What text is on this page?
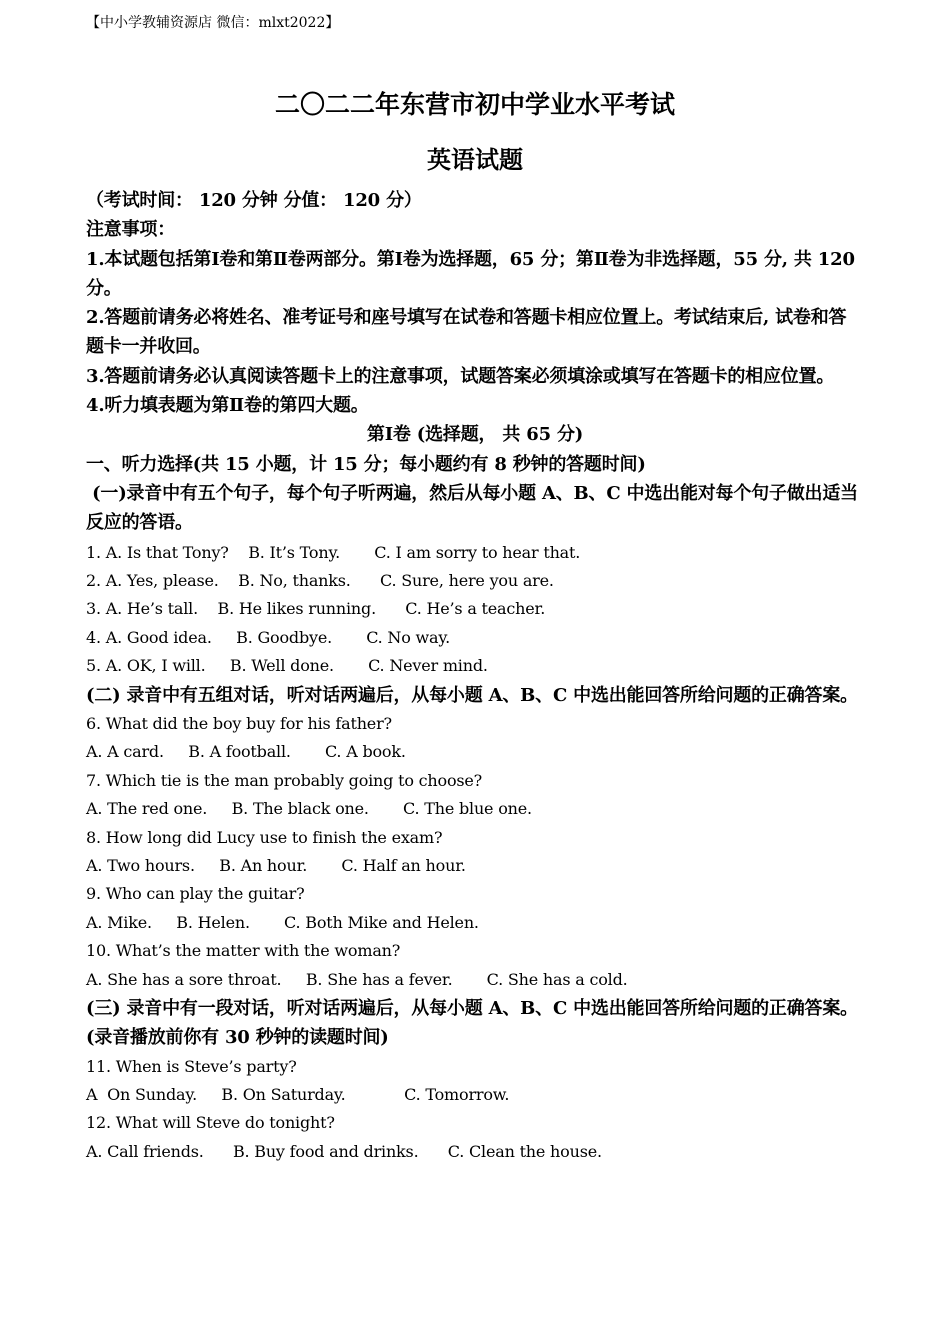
【中小学教辅资源店 微信：mlxt2022】
二〇二二年东营市初中学业水平考试
英语试题
（考试时间： 120 分钟 分值： 120 分）
注意事项：
1.本试题包括第Ⅰ卷和第Ⅱ卷两部分。第Ⅰ卷为选择题，65 分；第Ⅱ卷为非选择题，55 分, 共 120 分。
2.答题前请务必将姓名、准考证号和座号填写在试卷和答题卡相应位置上。考试结束后, 试卷和答题卡一并收回。
3.答题前请务必认真阅读答题卡上的注意事项，试题答案必须填涂或填写在答题卡的相应位置。
4.听力填表题为第Ⅱ卷的第四大题。
第Ⅰ卷 (选择题， 共 65 分)
一、听力选择(共 15 小题，计 15 分；每小题约有 8 秒钟的答题时间)
(一)录音中有五个句子，每个句子听两遍，然后从每小题 A、B、C 中选出能对每个句子做出适当反应的答语。
1. A. Is that Tony?    B. It’s Tony.       C. I am sorry to hear that.
2. A. Yes, please.    B. No, thanks.      C. Sure, here you are.
3. A. He’s tall.    B. He likes running.      C. He’s a teacher.
4. A. Good idea.     B. Goodbye.       C. No way.
5. A. OK, I will.     B. Well done.       C. Never mind.
(二) 录音中有五组对话，听对话两遍后，从每小题 A、B、C 中选出能回答所给问题的正确答案。
6. What did the boy buy for his father?
A. A card.     B. A football.       C. A book.
7. Which tie is the man probably going to choose?
A. The red one.     B. The black one.       C. The blue one.
8. How long did Lucy use to finish the exam?
A. Two hours.     B. An hour.       C. Half an hour.
9. Who can play the guitar?
A. Mike.     B. Helen.       C. Both Mike and Helen.
10. What’s the matter with the woman?
A. She has a sore throat.     B. She has a fever.       C. She has a cold.
(三) 录音中有一段对话，听对话两遍后，从每小题 A、B、C 中选出能回答所给问题的正确答案。(录音播放前你有 30 秒钟的读题时间)
11. When is Steve’s party?
A  On Sunday.     B. On Saturday.            C. Tomorrow.
12. What will Steve do tonight?
A. Call friends.      B. Buy food and drinks.      C. Clean the house.
